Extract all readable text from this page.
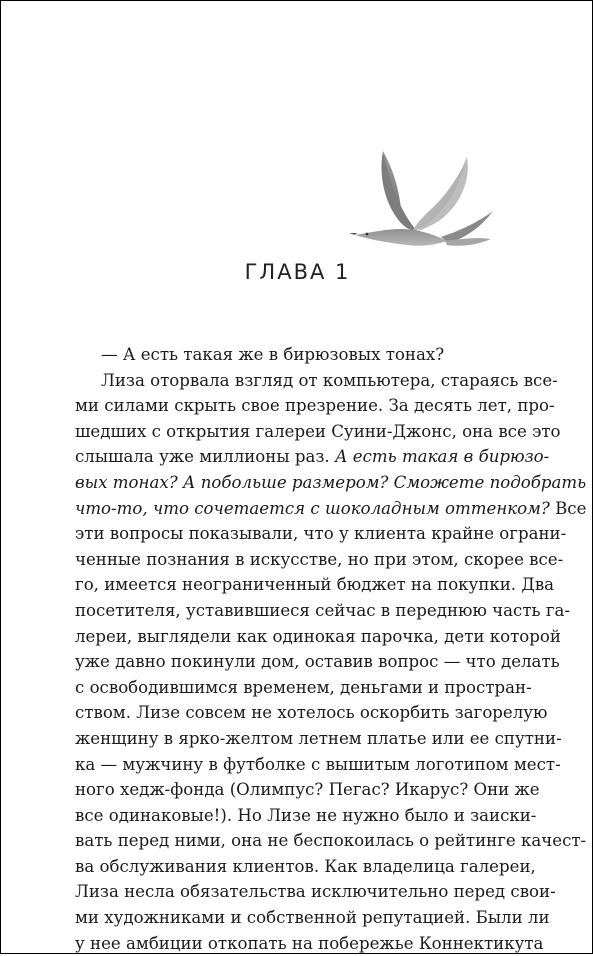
ГЛАВА 1
— А есть такая же в бирюзовых тонах?
Лиза оторвала взгляд от компьютера, стараясь все-
ми силами скрыть свое презрение. За десять лет, про-
шедших с открытия галереи Суини-Джонс, она все это
слышала уже миллионы раз. А есть такая в бирюзо-
вых тонах? А побольше размером? Сможете подобрать
что-то, что сочетается с шоколадным оттенком? Все
эти вопросы показывали, что у клиента крайне ограни-
ченные познания в искусстве, но при этом, скорее все-
го, имеется неограниченный бюджет на покупки. Два
посетителя, уставившиеся сейчас в переднюю часть га-
лереи, выглядели как одинокая парочка, дети которой
уже давно покинули дом, оставив вопрос — что делать
с освободившимся временем, деньгами и простран-
ством. Лизе совсем не хотелось оскорбить загорелую
женщину в ярко-желтом летнем платье или ее спутни-
ка — мужчину в футболке с вышитым логотипом мест-
ного хедж-фонда (Олимпус? Пегас? Икарус? Они же
все одинаковые!). Но Лизе не нужно было и заиски-
вать перед ними, она не беспокоилась о рейтинге качест-
ва обслуживания клиентов. Как владелица галереи,
Лиза несла обязательства исключительно перед свои-
ми художниками и собственной репутацией. Были ли
у нее амбиции откопать на побережье Коннектикута
